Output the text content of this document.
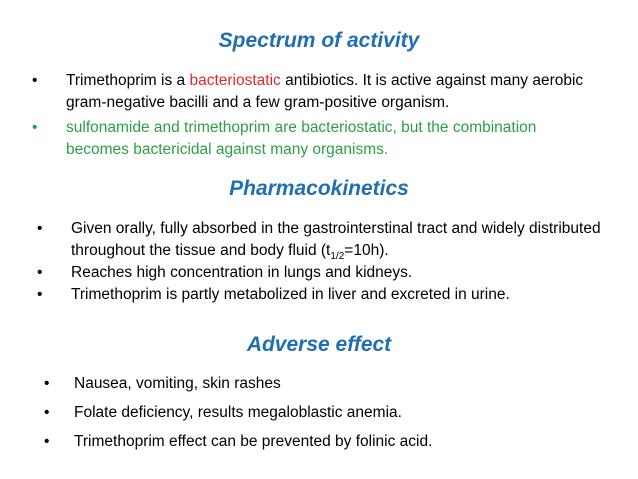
Spectrum of activity
•	Trimethoprim is a bacteriostatic antibiotics. It is active against many aerobic gram-negative bacilli and a few gram-positive organism.
•	sulfonamide and trimethoprim are bacteriostatic, but the combination becomes bactericidal against many organisms.
Pharmacokinetics
•	Given orally, fully absorbed in the gastrointerstinal tract and widely distributed throughout the tissue and body fluid $(t_{1/2}=10h)$.
•	Reaches high concentration in lungs and kidneys.
•	Trimethoprim is partly metabolized in liver and excreted in urine.
Adverse effect
•	Nausea, vomiting, skin rashes
•	Folate deficiency, results megaloblastic anemia.
•	Trimethoprim effect can be prevented by folinic acid.
